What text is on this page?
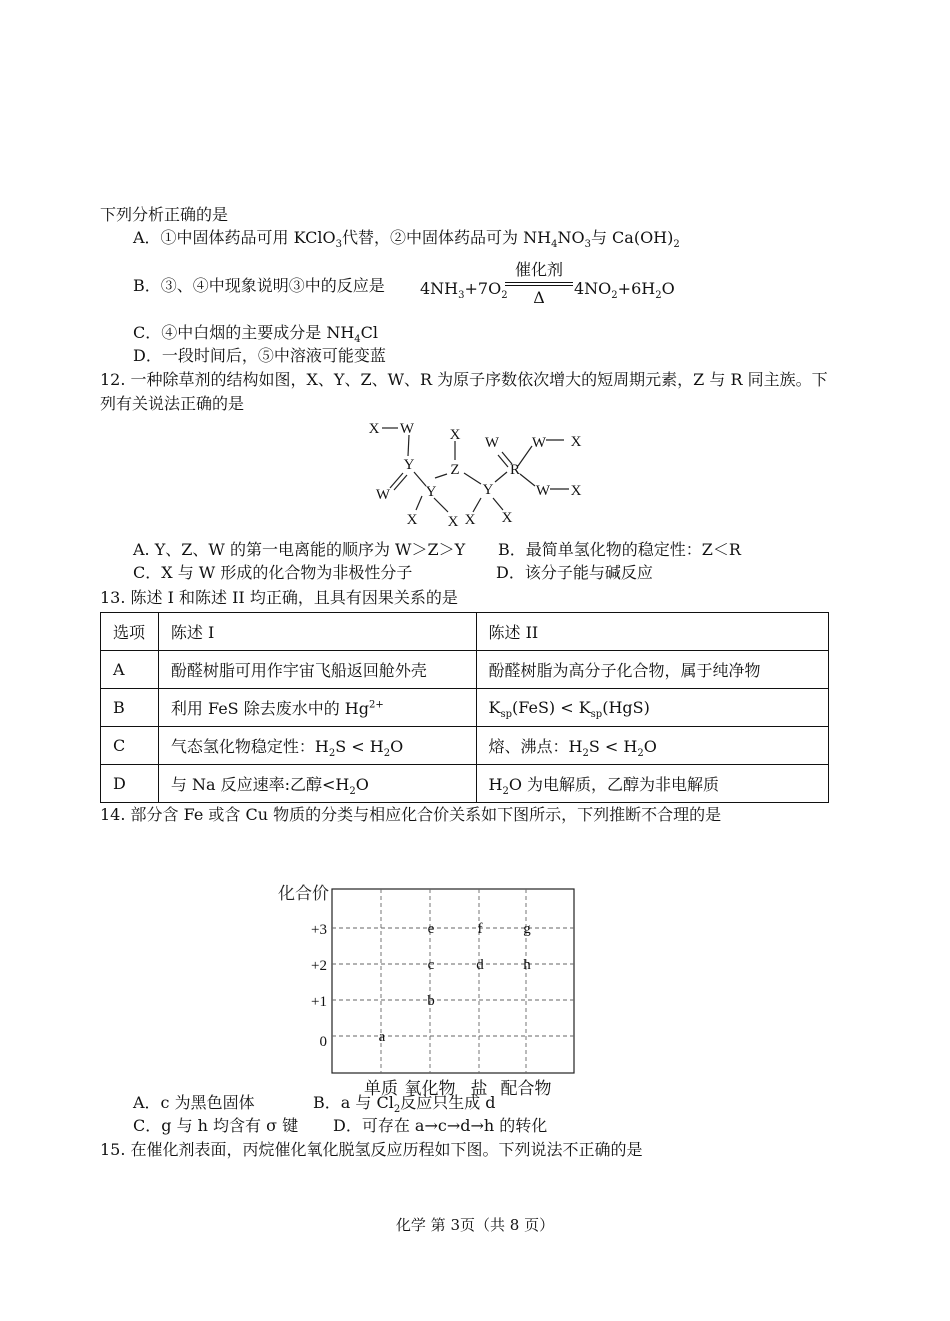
下列分析正确的是
A．①中固体药品可用 KClO$_3$代替，②中固体药品可为 $NH_4NO_3$与 $Ca(OH)_2$
B．③、④中现象说明③中的反应是 $4NH_3+7O_2$
催化剂
Δ	$4NO_2+6H_2O$
C．④中白烟的主要成分是 $NH_4Cl$
D．一段时间后，⑤中溶液可能变蓝
12. 一种除草剂的结构如图，X、Y、Z、W、R 为原子序数依次增大的短周期元素，Z 与 R 同主族。下
列有关说法正确的是
X W
Y
W Y
X
Z
Y
W
R
W X
W X
X X X X
A. Y、Z、W 的第一电离能的顺序为 W＞Z＞Y B．最简单氢化物的稳定性：Z＜R
C．X 与 W 形成的化合物为非极性分子	D．该分子能与碱反应
13. 陈述 I 和陈述 II 均正确，且具有因果关系的是
选项	陈述 I	陈述 II
A	酚醛树脂可用作宇宙飞船返回舱外壳	酚醛树脂为高分子化合物，属于纯净物
B	利用 FeS 除去废水中的 $Hg^{2+}$	$K_{sp}(FeS) < K_{sp}(HgS)$
C	气态氢化物稳定性：$H_2S < H_2O$	熔、沸点：$H_2S < H_2O$
D	与 Na 反应速率:乙醇$<H_2O$	$H_2O$ 为电解质，乙醇为非电解质
14. 部分含 Fe 或含 Cu 物质的分类与相应化合价关系如下图所示，下列推断不合理的是
化合价
+3
+2
+1
0
单质 氧化物 盐 配合物
a
b
c
e
d
f
h
g
A．c 为黑色固体	B．a 与 $Cl_2$反应只生成 d
C．g 与 h 均含有 σ 键 D．可存在 a→c→d→h 的转化
15. 在催化剂表面，丙烷催化氧化脱氢反应历程如下图。下列说法不正确的是
化学 第 3页（共 8 页）
